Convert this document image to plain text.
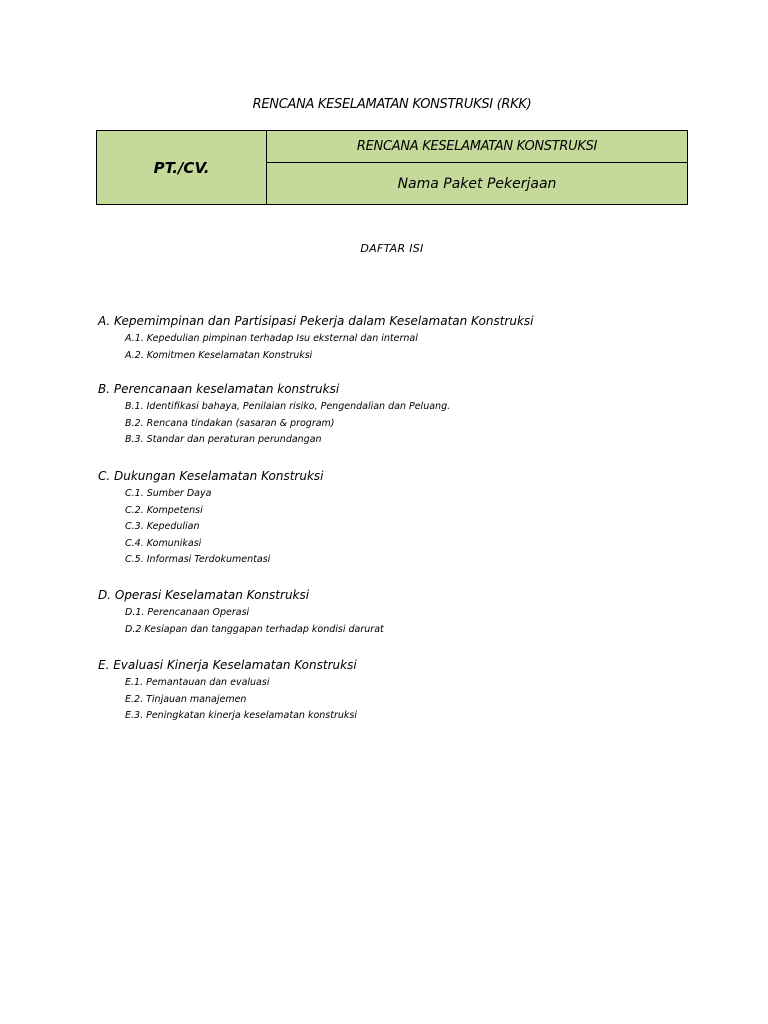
RENCANA KESELAMATAN KONSTRUKSI (RKK)
PT./CV.
RENCANA KESELAMATAN KONSTRUKSI
Nama Paket Pekerjaan
DAFTAR ISI
A. Kepemimpinan dan Partisipasi Pekerja dalam Keselamatan Konstruksi
A.1. Kepedulian pimpinan terhadap Isu eksternal dan internal
A.2. Komitmen Keselamatan Konstruksi
B. Perencanaan keselamatan konstruksi
B.1. Identifikasi bahaya, Penilaian risiko, Pengendalian dan Peluang.
B.2. Rencana tindakan (sasaran & program)
B.3. Standar dan peraturan perundangan
C. Dukungan Keselamatan Konstruksi
C.1. Sumber Daya
C.2. Kompetensi
C.3. Kepedulian
C.4. Komunikasi
C.5. Informasi Terdokumentasi
D. Operasi Keselamatan Konstruksi
D.1. Perencanaan Operasi
D.2 Kesiapan dan tanggapan terhadap kondisi darurat
E. Evaluasi Kinerja Keselamatan Konstruksi
E.1. Pemantauan dan evaluasi
E.2. Tinjauan manajemen
E.3. Peningkatan kinerja keselamatan konstruksi
